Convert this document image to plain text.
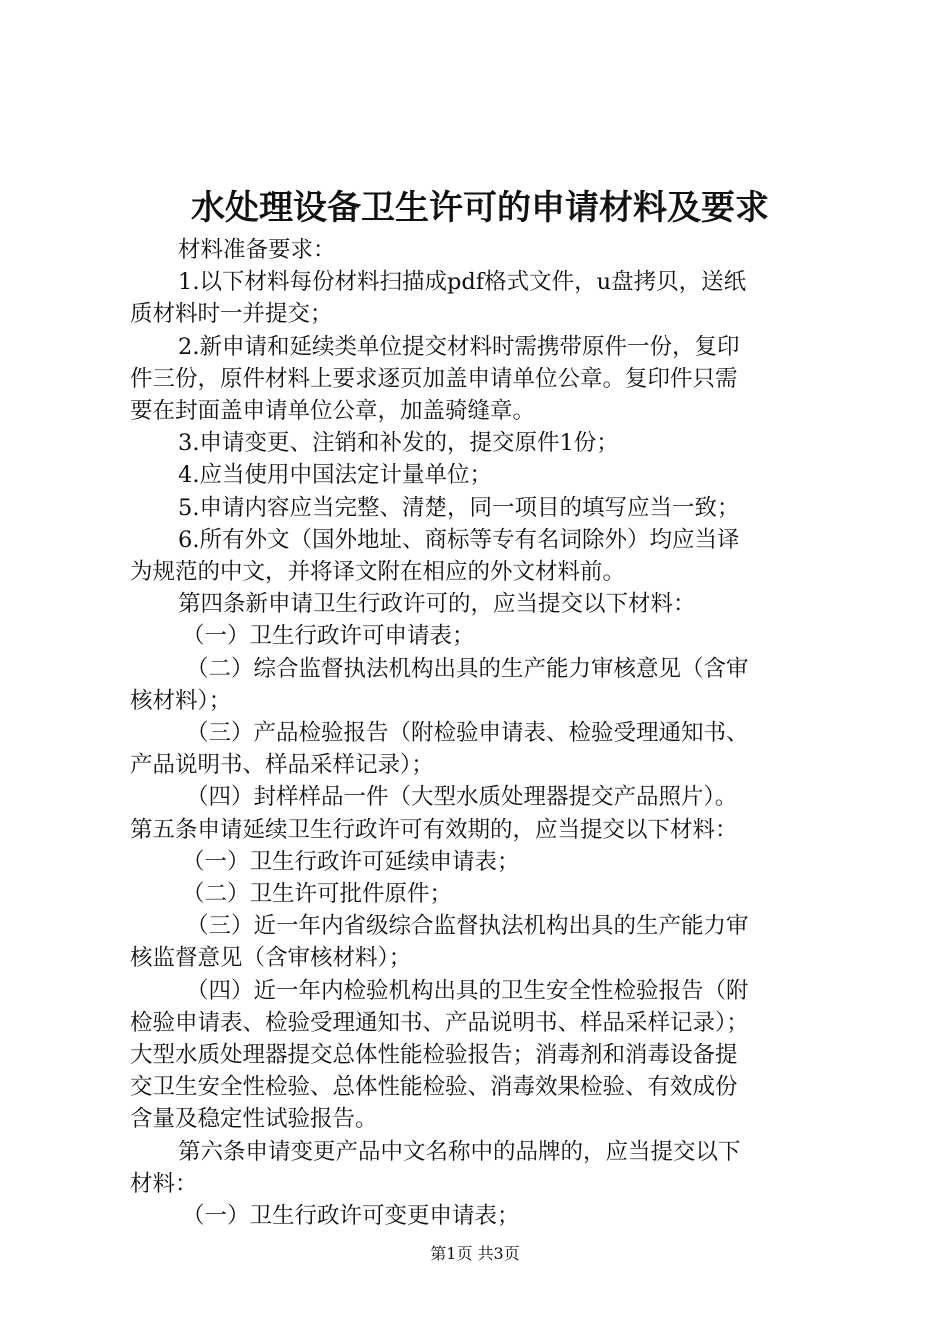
水处理设备卫生许可的申请材料及要求

材料准备要求：

1.以下材料每份材料扫描成pdf格式文件，u盘拷贝，送纸

质材料时一并提交；

2.新申请和延续类单位提交材料时需携带原件一份，复印

件三份，原件材料上要求逐页加盖申请单位公章。复印件只需

要在封面盖申请单位公章，加盖骑缝章。

3.申请变更、注销和补发的，提交原件1份；

4.应当使用中国法定计量单位；

5.申请内容应当完整、清楚，同一项目的填写应当一致；

6.所有外文（国外地址、商标等专有名词除外）均应当译

为规范的中文，并将译文附在相应的外文材料前。

第四条新申请卫生行政许可的，应当提交以下材料：

（一）卫生行政许可申请表；

（二）综合监督执法机构出具的生产能力审核意见（含审

核材料）；

（三）产品检验报告（附检验申请表、检验受理通知书、

产品说明书、样品采样记录）；

（四）封样样品一件（大型水质处理器提交产品照片）。

第五条申请延续卫生行政许可有效期的，应当提交以下材料：

（一）卫生行政许可延续申请表；

（二）卫生许可批件原件；

（三）近一年内省级综合监督执法机构出具的生产能力审

核监督意见（含审核材料）；

（四）近一年内检验机构出具的卫生安全性检验报告（附

检验申请表、检验受理通知书、产品说明书、样品采样记录）；

大型水质处理器提交总体性能检验报告；消毒剂和消毒设备提

交卫生安全性检验、总体性能检验、消毒效果检验、有效成份

含量及稳定性试验报告。

第六条申请变更产品中文名称中的品牌的，应当提交以下

材料：

（一）卫生行政许可变更申请表；

第1页 共3页
